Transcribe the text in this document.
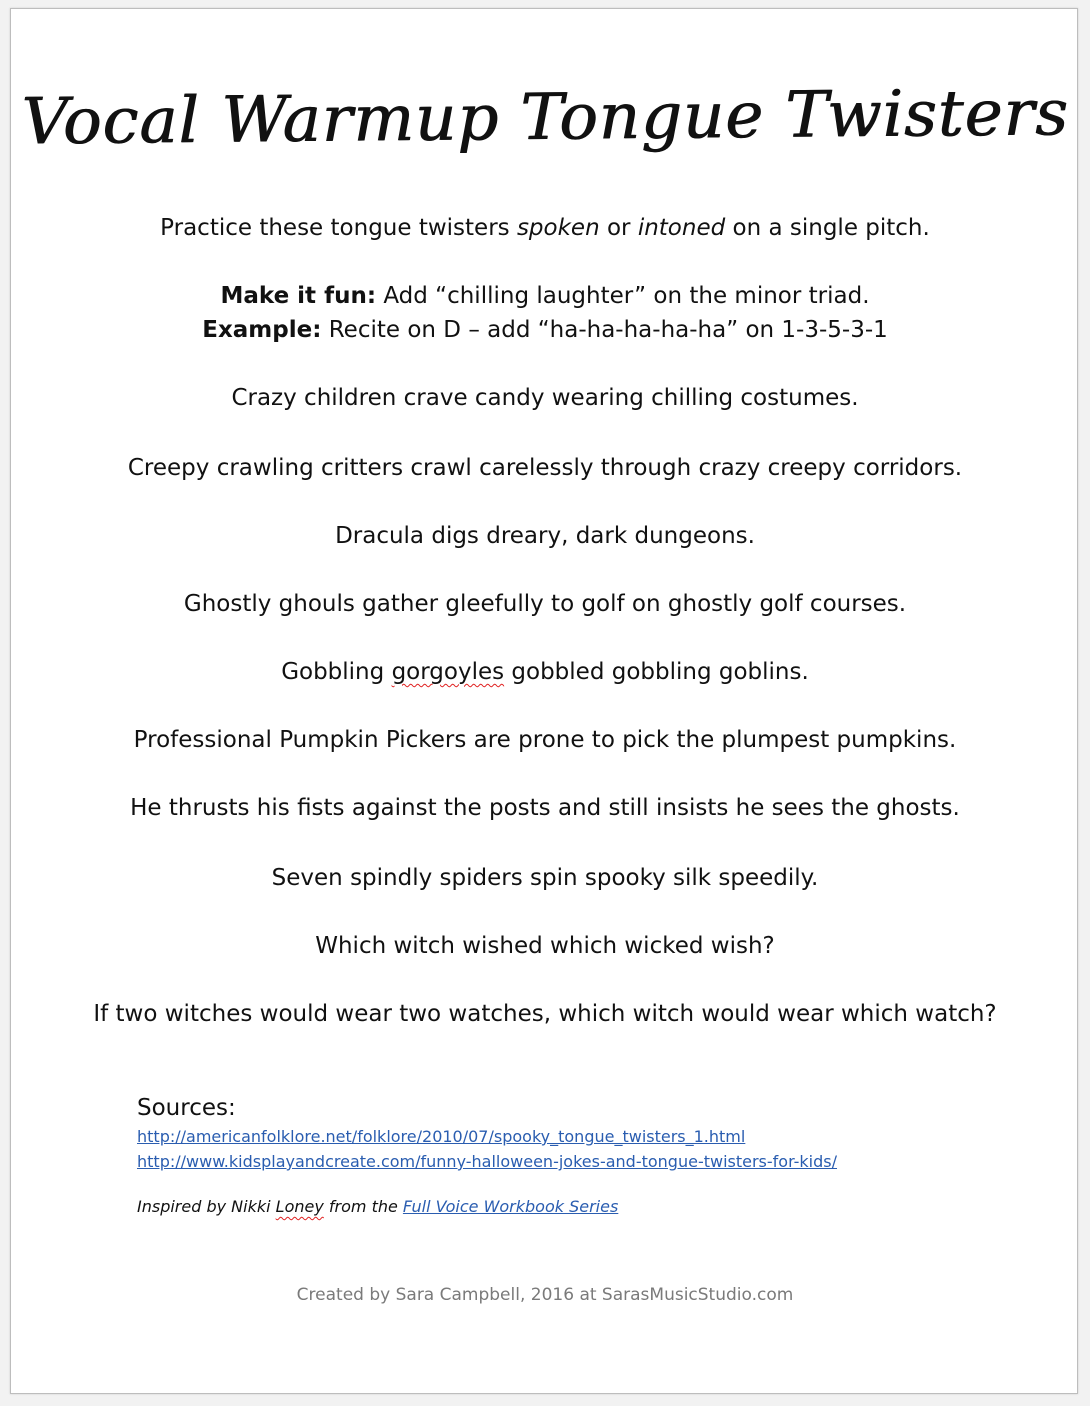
Vocal Warmup Tongue Twisters
Practice these tongue twisters spoken or intoned on a single pitch.
Make it fun: Add “chilling laughter” on the minor triad.
Example: Recite on D – add “ha-ha-ha-ha-ha” on 1-3-5-3-1
Crazy children crave candy wearing chilling costumes.
Creepy crawling critters crawl carelessly through crazy creepy corridors.
Dracula digs dreary, dark dungeons.
Ghostly ghouls gather gleefully to golf on ghostly golf courses.
Gobbling gorgoyles gobbled gobbling goblins.
Professional Pumpkin Pickers are prone to pick the plumpest pumpkins.
He thrusts his fists against the posts and still insists he sees the ghosts.
Seven spindly spiders spin spooky silk speedily.
Which witch wished which wicked wish?
If two witches would wear two watches, which witch would wear which watch?
Sources:
http://americanfolklore.net/folklore/2010/07/spooky_tongue_twisters_1.html
http://www.kidsplayandcreate.com/funny-halloween-jokes-and-tongue-twisters-for-kids/
Inspired by Nikki Loney from the Full Voice Workbook Series
Created by Sara Campbell, 2016 at SarasMusicStudio.com
